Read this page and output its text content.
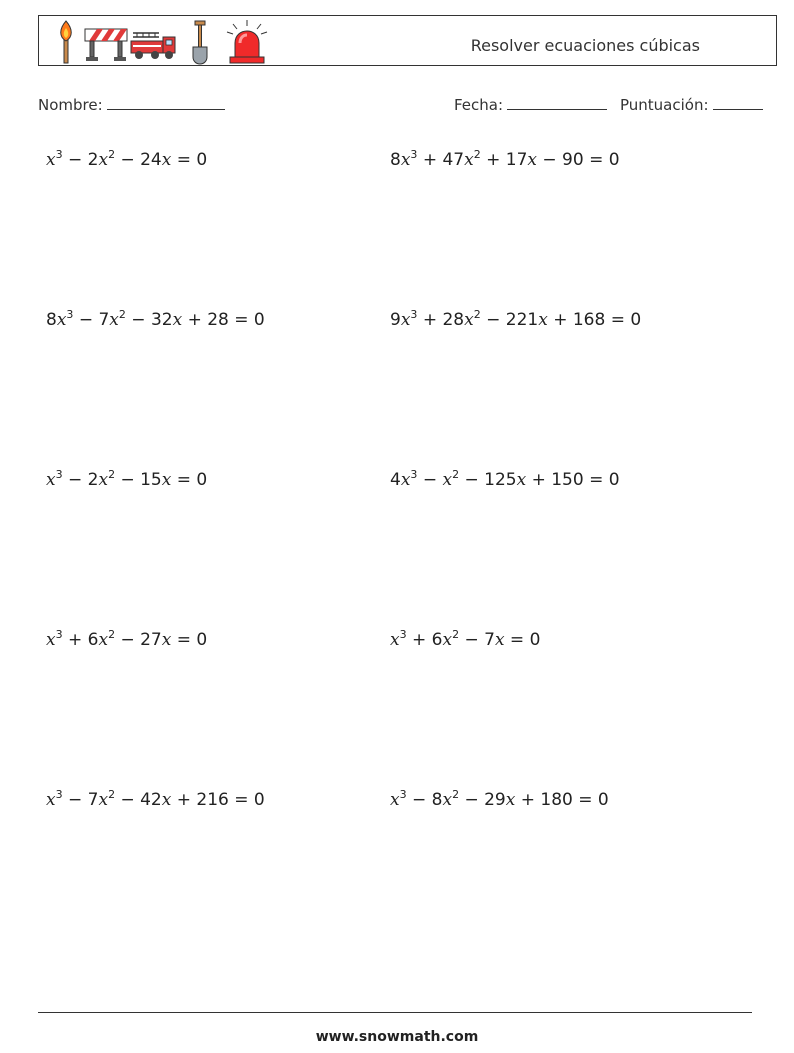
Resolver ecuaciones cúbicas
Nombre:	Fecha:	Puntuación:
$x^3 - 2x^2 - 24x = 0$	$8x^3 + 47x^2 + 17x - 90 = 0$
$8x^3 - 7x^2 - 32x + 28 = 0$	$9x^3 + 28x^2 - 221x + 168 = 0$
$x^3 - 2x^2 - 15x = 0$	$4x^3 - x^2 - 125x + 150 = 0$
$x^3 + 6x^2 - 27x = 0$	$x^3 + 6x^2 - 7x = 0$
$x^3 - 7x^2 - 42x + 216 = 0$	$x^3 - 8x^2 - 29x + 180 = 0$
www.snowmath.com
